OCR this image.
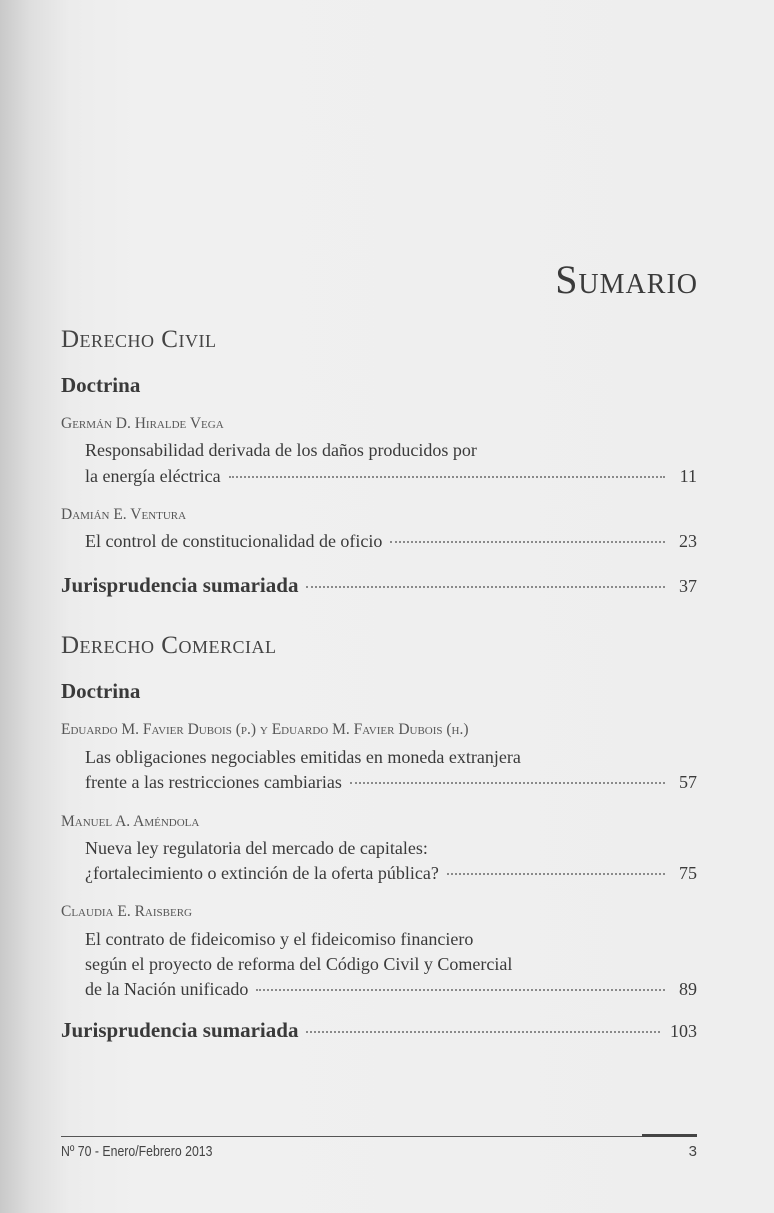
Sumario
Derecho Civil
Doctrina
Germán D. Hiralde Vega
Responsabilidad derivada de los daños producidos por
la energía eléctrica	11
Damián E. Ventura
El control de constitucionalidad de oficio	23
Jurisprudencia sumariada	37
Derecho Comercial
Doctrina
Eduardo M. Favier Dubois (p.) y Eduardo M. Favier Dubois (h.)
Las obligaciones negociables emitidas en moneda extranjera
frente a las restricciones cambiarias	57
Manuel A. Améndola
Nueva ley regulatoria del mercado de capitales:
¿fortalecimiento o extinción de la oferta pública?	75
Claudia E. Raisberg
El contrato de fideicomiso y el fideicomiso financiero
según el proyecto de reforma del Código Civil y Comercial
de la Nación unificado	89
Jurisprudencia sumariada	103
Nº 70 - Enero/Febrero 2013	3
